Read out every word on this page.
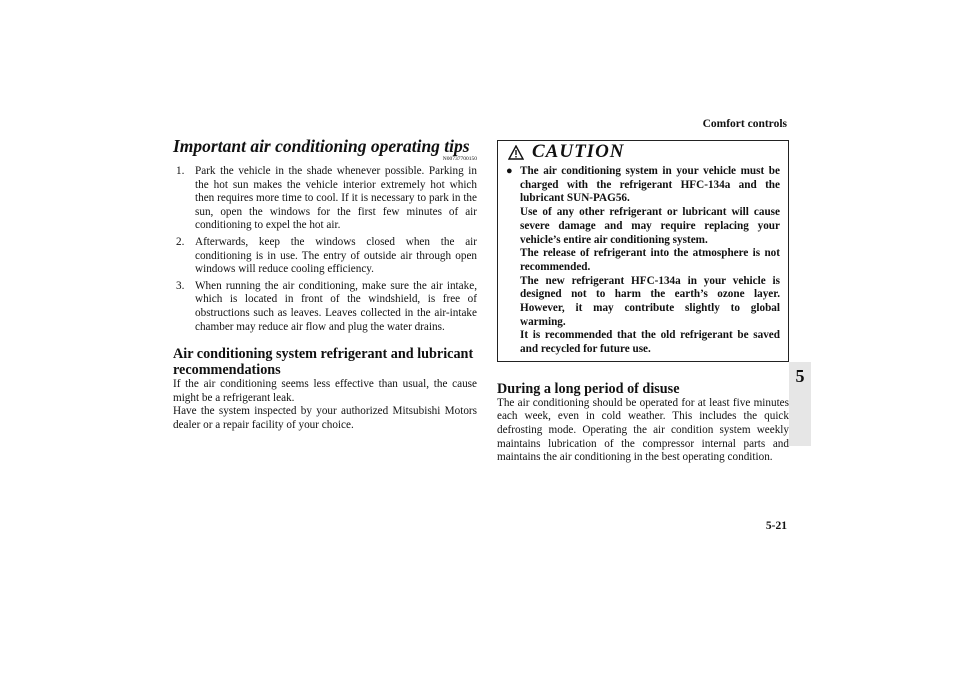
Comfort controls
5
Important air conditioning operating tips
N00737700150
1. Park the vehicle in the shade whenever possible. Parking in the hot sun makes the vehicle interior extremely hot which then requires more time to cool. If it is necessary to park in the sun, open the windows for the first few minutes of air conditioning to expel the hot air.
2. Afterwards, keep the windows closed when the air conditioning is in use. The entry of outside air through open windows will reduce cooling efficiency.
3. When running the air conditioning, make sure the air intake, which is located in front of the windshield, is free of obstructions such as leaves. Leaves collected in the air-intake chamber may reduce air flow and plug the water drains.
Air conditioning system refrigerant and lubricant recommendations

If the air conditioning seems less effective than usual, the cause might be a refrigerant leak.

Have the system inspected by your authorized Mitsubishi Motors dealer or a repair facility of your choice.

CAUTION
● The air conditioning system in your vehicle must be charged with the refrigerant HFC-134a and the lubricant SUN-PAG56.

Use of any other refrigerant or lubricant will cause severe damage and may require replacing your vehicle’s entire air conditioning system.

The release of refrigerant into the atmosphere is not recommended.

The new refrigerant HFC-134a in your vehicle is designed not to harm the earth’s ozone layer. However, it may contribute slightly to global warming.

It is recommended that the old refrigerant be saved and recycled for future use.

During a long period of disuse

The air conditioning should be operated for at least five minutes each week, even in cold weather. This includes the quick defrosting mode. Operating the air condition system weekly maintains lubrication of the compressor internal parts and maintains the air conditioning in the best operating condition.

5-21
